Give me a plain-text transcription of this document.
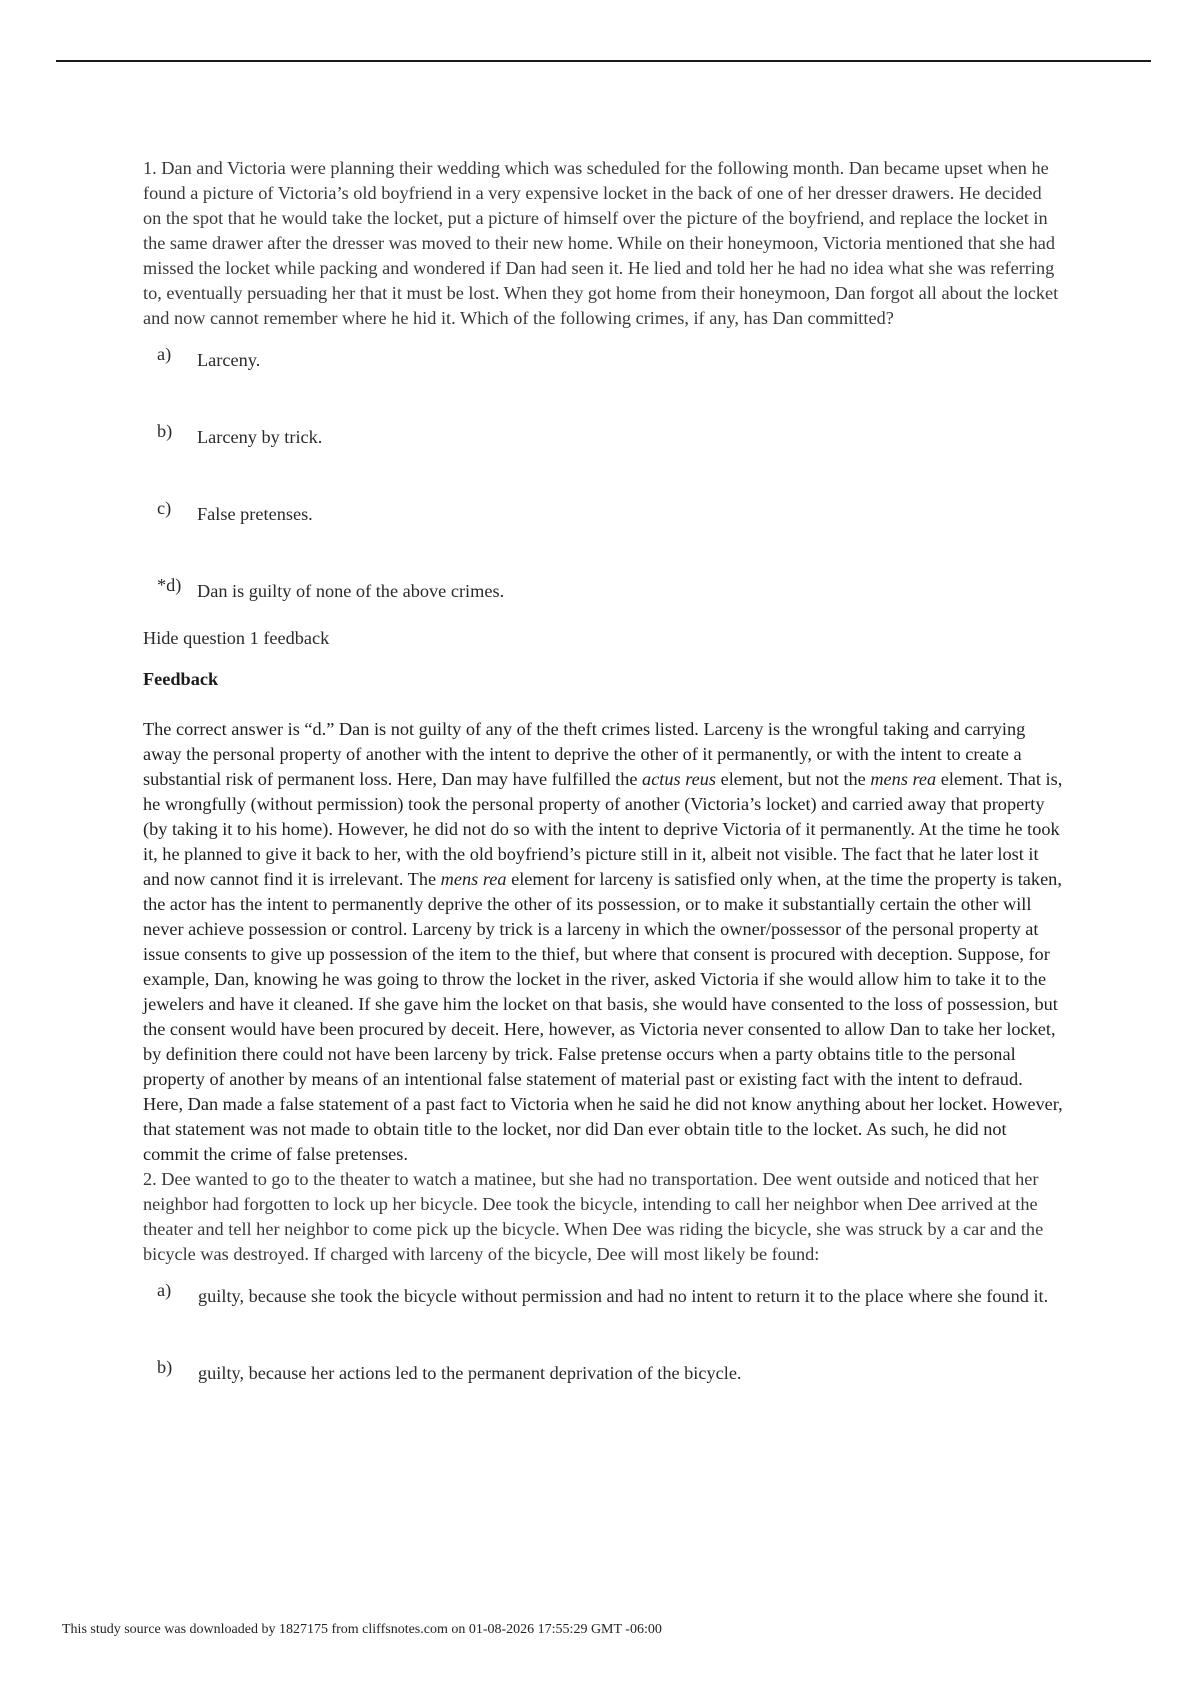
1. Dan and Victoria were planning their wedding which was scheduled for the following month. Dan became upset when he found a picture of Victoria’s old boyfriend in a very expensive locket in the back of one of her dresser drawers. He decided on the spot that he would take the locket, put a picture of himself over the picture of the boyfriend, and replace the locket in the same drawer after the dresser was moved to their new home. While on their honeymoon, Victoria mentioned that she had missed the locket while packing and wondered if Dan had seen it. He lied and told her he had no idea what she was referring to, eventually persuading her that it must be lost. When they got home from their honeymoon, Dan forgot all about the locket and now cannot remember where he hid it. Which of the following crimes, if any, has Dan committed?

a) Larceny.
b) Larceny by trick.
c) False pretenses.
*d) Dan is guilty of none of the above crimes.

Hide question 1 feedback

Feedback

The correct answer is “d.” Dan is not guilty of any of the theft crimes listed. Larceny is the wrongful taking and carrying away the personal property of another with the intent to deprive the other of it permanently, or with the intent to create a substantial risk of permanent loss. Here, Dan may have fulfilled the actus reus element, but not the mens rea element. That is, he wrongfully (without permission) took the personal property of another (Victoria’s locket) and carried away that property (by taking it to his home). However, he did not do so with the intent to deprive Victoria of it permanently. At the time he took it, he planned to give it back to her, with the old boyfriend’s picture still in it, albeit not visible. The fact that he later lost it and now cannot find it is irrelevant. The mens rea element for larceny is satisfied only when, at the time the property is taken, the actor has the intent to permanently deprive the other of its possession, or to make it substantially certain the other will never achieve possession or control. Larceny by trick is a larceny in which the owner/possessor of the personal property at issue consents to give up possession of the item to the thief, but where that consent is procured with deception. Suppose, for example, Dan, knowing he was going to throw the locket in the river, asked Victoria if she would allow him to take it to the jewelers and have it cleaned. If she gave him the locket on that basis, she would have consented to the loss of possession, but the consent would have been procured by deceit. Here, however, as Victoria never consented to allow Dan to take her locket, by definition there could not have been larceny by trick. False pretense occurs when a party obtains title to the personal property of another by means of an intentional false statement of material past or existing fact with the intent to defraud. Here, Dan made a false statement of a past fact to Victoria when he said he did not know anything about her locket. However, that statement was not made to obtain title to the locket, nor did Dan ever obtain title to the locket. As such, he did not commit the crime of false pretenses.

2. Dee wanted to go to the theater to watch a matinee, but she had no transportation. Dee went outside and noticed that her neighbor had forgotten to lock up her bicycle. Dee took the bicycle, intending to call her neighbor when Dee arrived at the theater and tell her neighbor to come pick up the bicycle. When Dee was riding the bicycle, she was struck by a car and the bicycle was destroyed. If charged with larceny of the bicycle, Dee will most likely be found:

a) guilty, because she took the bicycle without permission and had no intent to return it to the place where she found it.
b) guilty, because her actions led to the permanent deprivation of the bicycle.
This study source was downloaded by 1827175 from cliffsnotes.com on 01-08-2026 17:55:29 GMT -06:00
